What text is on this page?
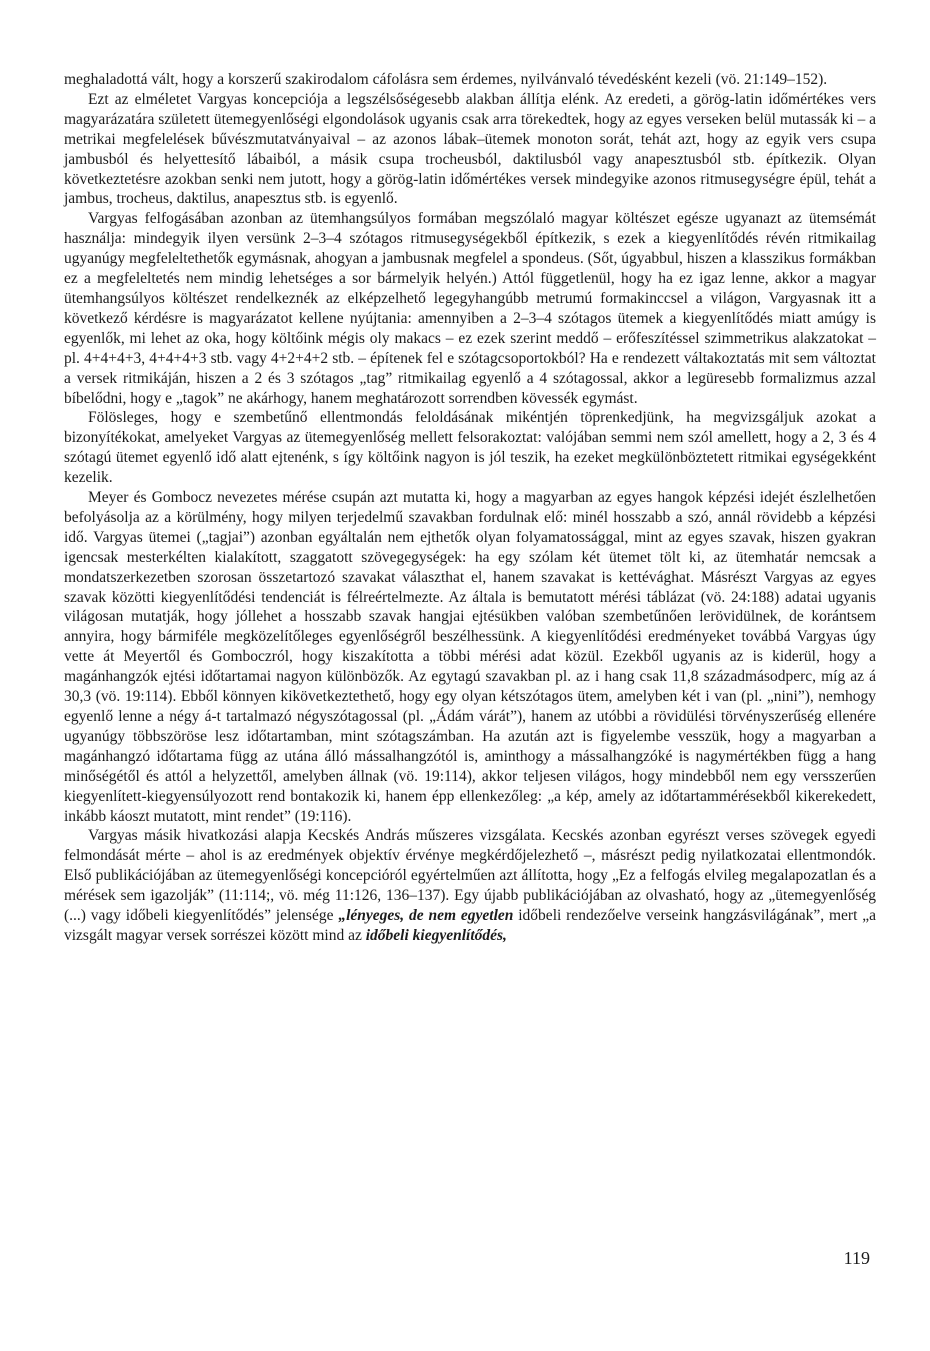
meghaladottá vált, hogy a korszerű szakirodalom cáfolásra sem érdemes, nyilvánvaló tévedésként kezeli (vö. 21:149–152).

Ezt az elméletet Vargyas koncepciója a legszélsőségesebb alakban állítja elénk. Az eredeti, a görög-latin időmértékes vers magyarázatára született ütemegyenlőségi elgondolások ugyanis csak arra törekedtek, hogy az egyes verseken belül mutassák ki – a metrikai megfelelések bűvészmutatványaival – az azonos lábak–ütemek monoton sorát, tehát azt, hogy az egyik vers csupa jambusból és helyettesítő lábaiból, a másik csupa trocheusból, daktilusból vagy anapesztusból stb. építkezik. Olyan következtetésre azokban senki nem jutott, hogy a görög-latin időmértékes versek mindegyike azonos ritmusegységre épül, tehát a jambus, trocheus, daktilus, anapesztus stb. is egyenlő.

Vargyas felfogásában azonban az ütemhangsúlyos formában megszólaló magyar költészet egésze ugyanazt az ütemsémát használja: mindegyik ilyen versünk 2–3–4 szótagos ritmusegységekből építkezik, s ezek a kiegyenlítődés révén ritmikailag ugyanúgy megfeleltethetők egymásnak, ahogyan a jambusnak megfelel a spondeus. (Sőt, úgyabbul, hiszen a klasszikus formákban ez a megfeleltetés nem mindig lehetséges a sor bármelyik helyén.) Attól függetlenül, hogy ha ez igaz lenne, akkor a magyar ütemhangsúlyos költészet rendelkeznék az elképzelhető legegyhangúbb metrumú formakinccsel a világon, Vargyasnak itt a következő kérdésre is magyarázatot kellene nyújtania: amennyiben a 2–3–4 szótagos ütemek a kiegyenlítődés miatt amúgy is egyenlők, mi lehet az oka, hogy költőink mégis oly makacs – ez ezek szerint meddő – erőfeszítéssel szimmetrikus alakzatokat – pl. 4+4+4+3, 4+4+4+3 stb. vagy 4+2+4+2 stb. – építenek fel e szótagcsoportokból? Ha e rendezett váltakoztatás mit sem változtat a versek ritmikáján, hiszen a 2 és 3 szótagos „tag” ritmikailag egyenlő a 4 szótagossal, akkor a legüresebb formalizmus azzal bíbelődni, hogy e „tagok” ne akárhogy, hanem meghatározott sorrendben kövessék egymást.

Fölösleges, hogy e szembetűnő ellentmondás feloldásának mikéntjén töprenkedjünk, ha megvizsgáljuk azokat a bizonyítékokat, amelyeket Vargyas az ütemegyenlőség mellett felsorakoztat: valójában semmi nem szól amellett, hogy a 2, 3 és 4 szótagú ütemet egyenlő idő alatt ejtenénk, s így költőink nagyon is jól teszik, ha ezeket megkülönböztetett ritmikai egységekként kezelik.

Meyer és Gombocz nevezetes mérése csupán azt mutatta ki, hogy a magyarban az egyes hangok képzési idejét észlelhetően befolyásolja az a körülmény, hogy milyen terjedelmű szavakban fordulnak elő: minél hosszabb a szó, annál rövidebb a képzési idő. Vargyas ütemei („tagjai”) azonban egyáltalán nem ejthetők olyan folyamatossággal, mint az egyes szavak, hiszen gyakran igencsak mesterkélten kialakított, szaggatott szövegegységek: ha egy szólam két ütemet tölt ki, az ütemhatár nemcsak a mondatszerkezetben szorosan összetartozó szavakat választhat el, hanem szavakat is kettévághat. Másrészt Vargyas az egyes szavak közötti kiegyenlítődési tendenciát is félreértelmezte. Az általa is bemutatott mérési táblázat (vö. 24:188) adatai ugyanis világosan mutatják, hogy jóllehet a hosszabb szavak hangjai ejtésükben valóban szembetűnően lerövidülnek, de korántsem annyira, hogy bármiféle megközelítőleges egyenlőségről beszélhessünk. A kiegyenlítődési eredményeket továbbá Vargyas úgy vette át Meyertől és Gomboczról, hogy kiszakította a többi mérési adat közül. Ezekből ugyanis az is kiderül, hogy a magánhangzók ejtési időtartamai nagyon különbözők. Az egytagú szavakban pl. az i hang csak 11,8 századmásodperc, míg az á 30,3 (vö. 19:114). Ebből könnyen kikövetkeztethető, hogy egy olyan kétszótagos ütem, amelyben két i van (pl. „nini”), nemhogy egyenlő lenne a négy á-t tartalmazó négyszótagossal (pl. „Ádám várát”), hanem az utóbbi a rövidülési törvényszerűség ellenére ugyanúgy többszöröse lesz időtartamban, mint szótagszámban. Ha azután azt is figyelembe vesszük, hogy a magyarban a magánhangzó időtartama függ az utána álló mássalhangzótól is, aminthogy a mássalhangzóké is nagymértékben függ a hang minőségétől és attól a helyzettől, amelyben állnak (vö. 19:114), akkor teljesen világos, hogy mindebből nem egy versszerűen kiegyenlített-kiegyensúlyozott rend bontakozik ki, hanem épp ellenkezőleg: „a kép, amely az időtartammérésekből kikerekedett, inkább káoszt mutatott, mint rendet” (19:116).

Vargyas másik hivatkozási alapja Kecskés András műszeres vizsgálata. Kecskés azonban egyrészt verses szövegek egyedi felmondását mérte – ahol is az eredmények objektív érvénye megkérdőjelezhető –, másrészt pedig nyilatkozatai ellentmondók. Első publikációjában az ütemegyenlőségi koncepcióról egyértelműen azt állította, hogy „Ez a felfogás elvileg megalapozatlan és a mérések sem igazolják” (11:114;, vö. még 11:126, 136–137). Egy újabb publikációjában az olvasható, hogy az „ütemegyenlőség (...) vagy időbeli kiegyenlítődés” jelensége „lényeges, de nem egyetlen időbeli rendezőelve verseink hangzásvilágának”, mert „a vizsgált magyar versek sorrészei között mind az időbeli kiegyenlítődés,

119
